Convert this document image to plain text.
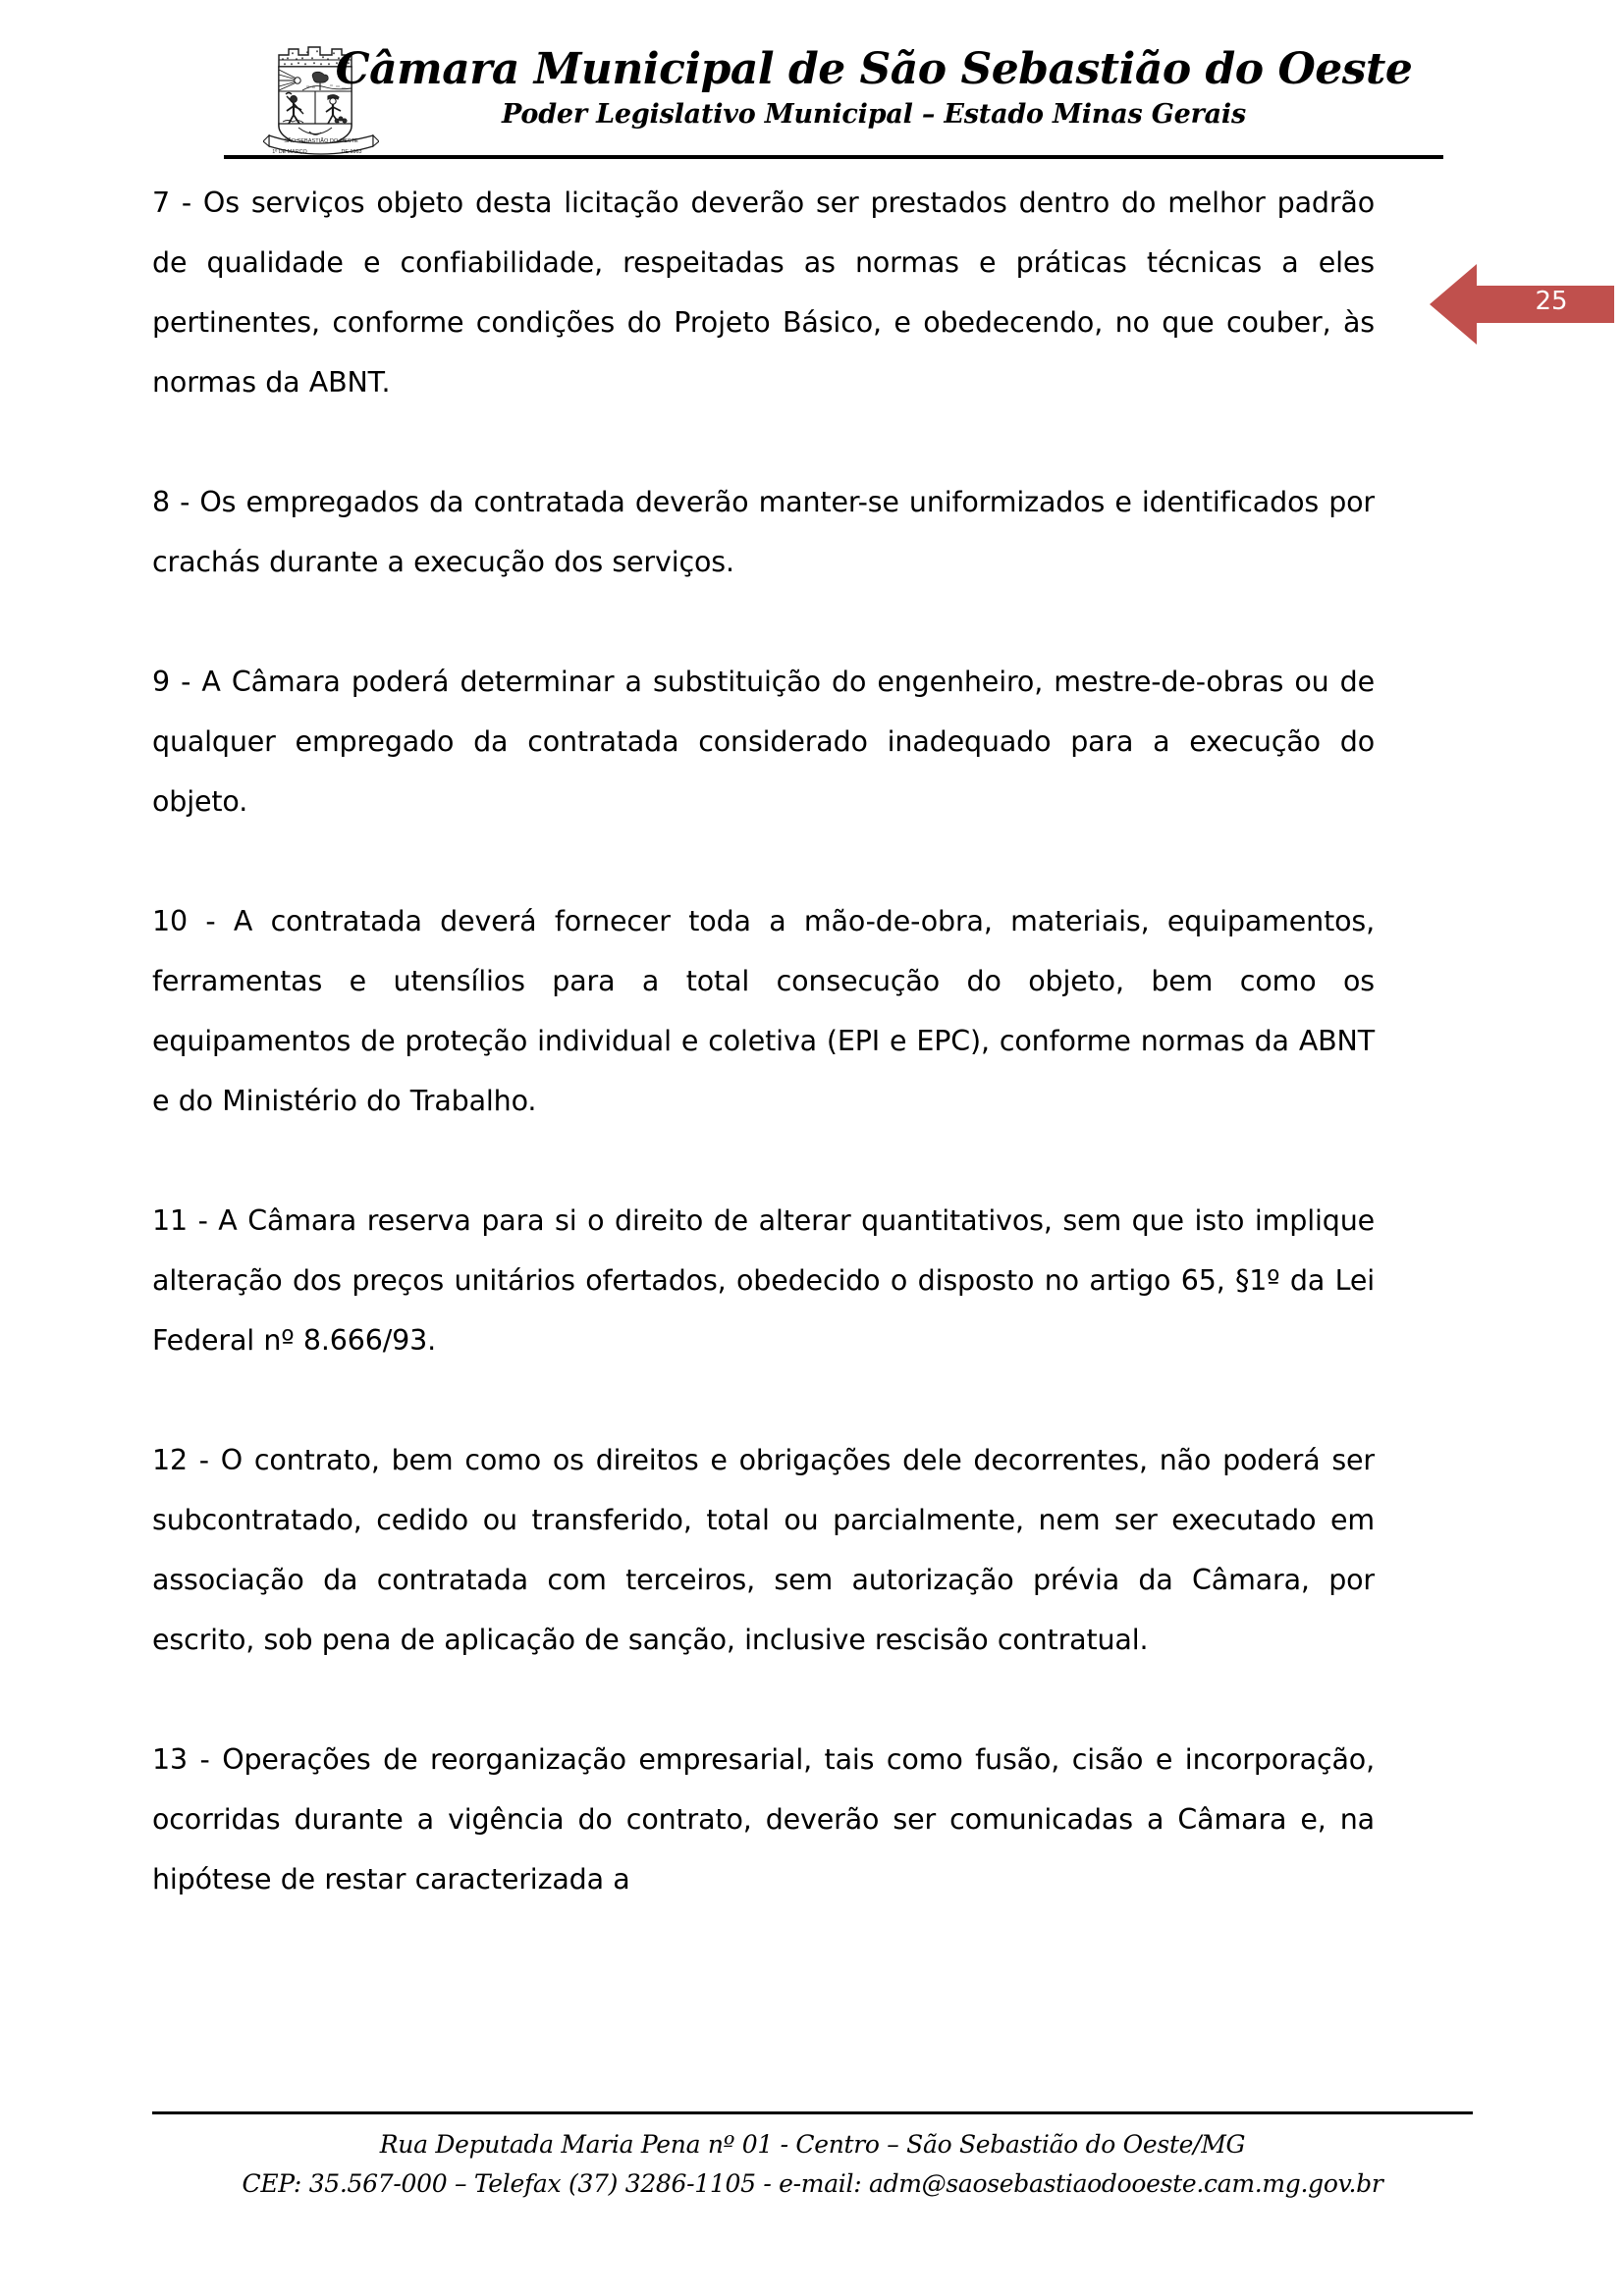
SÃO SEBASTIÃO DO OESTE
1º DE MARÇO	DE 1963
Câmara Municipal de São Sebastião do Oeste
Poder Legislativo Municipal – Estado Minas Gerais
25

7 - Os serviços objeto desta licitação deverão ser prestados dentro do melhor padrão de qualidade e confiabilidade, respeitadas as normas e práticas técnicas a eles pertinentes, conforme condições do Projeto Básico, e obedecendo, no que couber, às normas da ABNT.

8 - Os empregados da contratada deverão manter-se uniformizados e identificados por crachás durante a execução dos serviços.

9 - A Câmara poderá determinar a substituição do engenheiro, mestre-de-obras ou de qualquer empregado da contratada considerado inadequado para a execução do objeto.

10 - A contratada deverá fornecer toda a mão-de-obra, materiais, equipamentos, ferramentas e utensílios para a total consecução do objeto, bem como os equipamentos de proteção individual e coletiva (EPI e EPC), conforme normas da ABNT e do Ministério do Trabalho.

11 - A Câmara reserva para si o direito de alterar quantitativos, sem que isto implique alteração dos preços unitários ofertados, obedecido o disposto no artigo 65, §1º da Lei Federal nº 8.666/93.

12 - O contrato, bem como os direitos e obrigações dele decorrentes, não poderá ser subcontratado, cedido ou transferido, total ou parcialmente, nem ser executado em associação da contratada com terceiros, sem autorização prévia da Câmara, por escrito, sob pena de aplicação de sanção, inclusive rescisão contratual.

13 - Operações de reorganização empresarial, tais como fusão, cisão e incorporação, ocorridas durante a vigência do contrato, deverão ser comunicadas a Câmara e, na hipótese de restar caracterizada a

Rua Deputada Maria Pena nº 01 - Centro – São Sebastião do Oeste/MG
CEP: 35.567-000 – Telefax (37) 3286-1105 - e-mail: adm@saosebastiaodooeste.cam.mg.gov.br
